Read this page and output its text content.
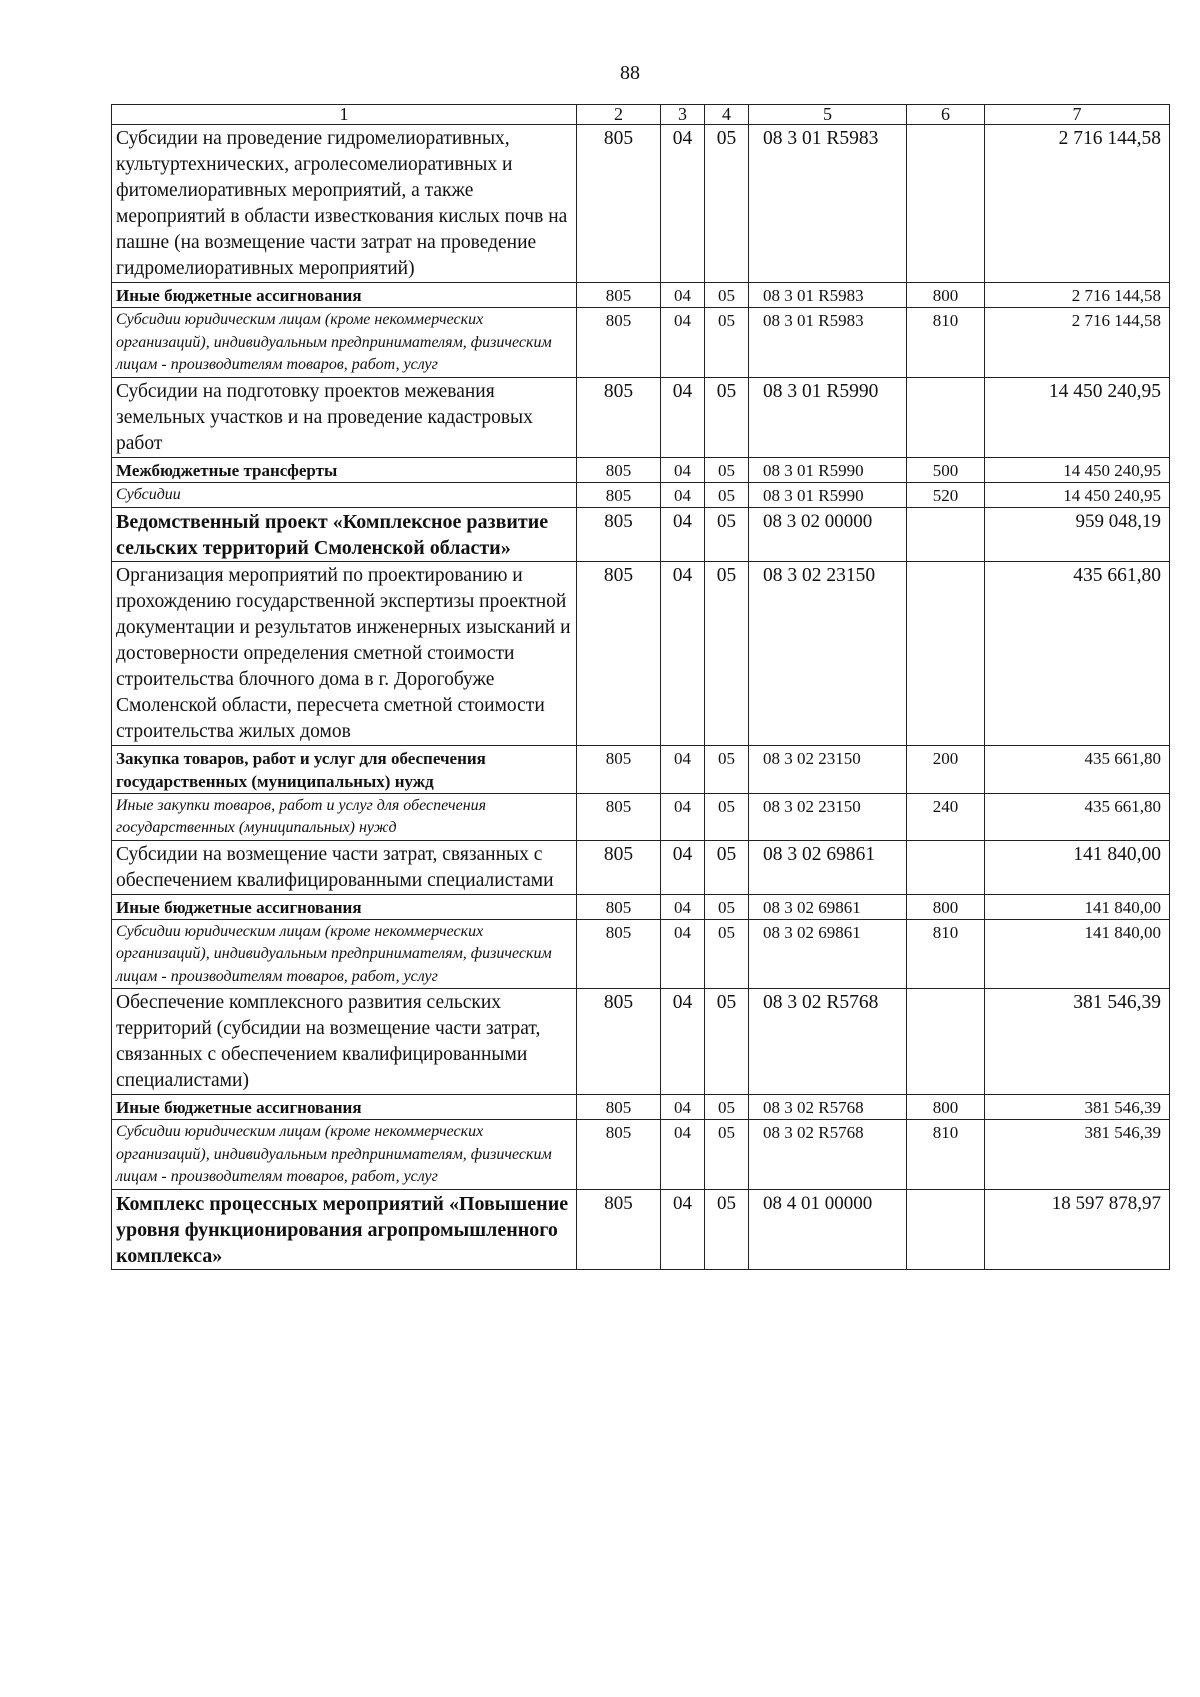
88
1	2	3	4	5	6	7
Субсидии на проведение гидромелиоративных, культуртехнических, агролесомелиоративных и фитомелиоративных мероприятий, а также мероприятий в области известкования кислых почв на пашне (на возмещение части затрат на проведение гидромелиоративных мероприятий)	805	04	05	08 3 01 R5983		2 716 144,58
Иные бюджетные ассигнования	805	04	05	08 3 01 R5983	800	2 716 144,58
Субсидии юридическим лицам (кроме некоммерческих организаций), индивидуальным предпринимателям, физическим лицам - производителям товаров, работ, услуг	805	04	05	08 3 01 R5983	810	2 716 144,58
Субсидии на подготовку проектов межевания земельных участков и на проведение кадастровых работ	805	04	05	08 3 01 R5990		14 450 240,95
Межбюджетные трансферты	805	04	05	08 3 01 R5990	500	14 450 240,95
Субсидии	805	04	05	08 3 01 R5990	520	14 450 240,95
Ведомственный проект «Комплексное развитие сельских территорий Смоленской области»	805	04	05	08 3 02 00000		959 048,19
Организация мероприятий по проектированию и прохождению государственной экспертизы проектной документации и результатов инженерных изысканий и достоверности определения сметной стоимости строительства блочного дома в г. Дорогобуже Смоленской области, пересчета сметной стоимости строительства жилых домов	805	04	05	08 3 02 23150		435 661,80
Закупка товаров, работ и услуг для обеспечения государственных (муниципальных) нужд	805	04	05	08 3 02 23150	200	435 661,80
Иные закупки товаров, работ и услуг для обеспечения государственных (муниципальных) нужд	805	04	05	08 3 02 23150	240	435 661,80
Субсидии на возмещение части затрат, связанных с обеспечением квалифицированными специалистами	805	04	05	08 3 02 69861		141 840,00
Иные бюджетные ассигнования	805	04	05	08 3 02 69861	800	141 840,00
Субсидии юридическим лицам (кроме некоммерческих организаций), индивидуальным предпринимателям, физическим лицам - производителям товаров, работ, услуг	805	04	05	08 3 02 69861	810	141 840,00
Обеспечение комплексного развития сельских территорий (субсидии на возмещение части затрат, связанных с обеспечением квалифицированными специалистами)	805	04	05	08 3 02 R5768		381 546,39
Иные бюджетные ассигнования	805	04	05	08 3 02 R5768	800	381 546,39
Субсидии юридическим лицам (кроме некоммерческих организаций), индивидуальным предпринимателям, физическим лицам - производителям товаров, работ, услуг	805	04	05	08 3 02 R5768	810	381 546,39
Комплекс процессных мероприятий «Повышение уровня функционирования агропромышленного комплекса»	805	04	05	08 4 01 00000		18 597 878,97
